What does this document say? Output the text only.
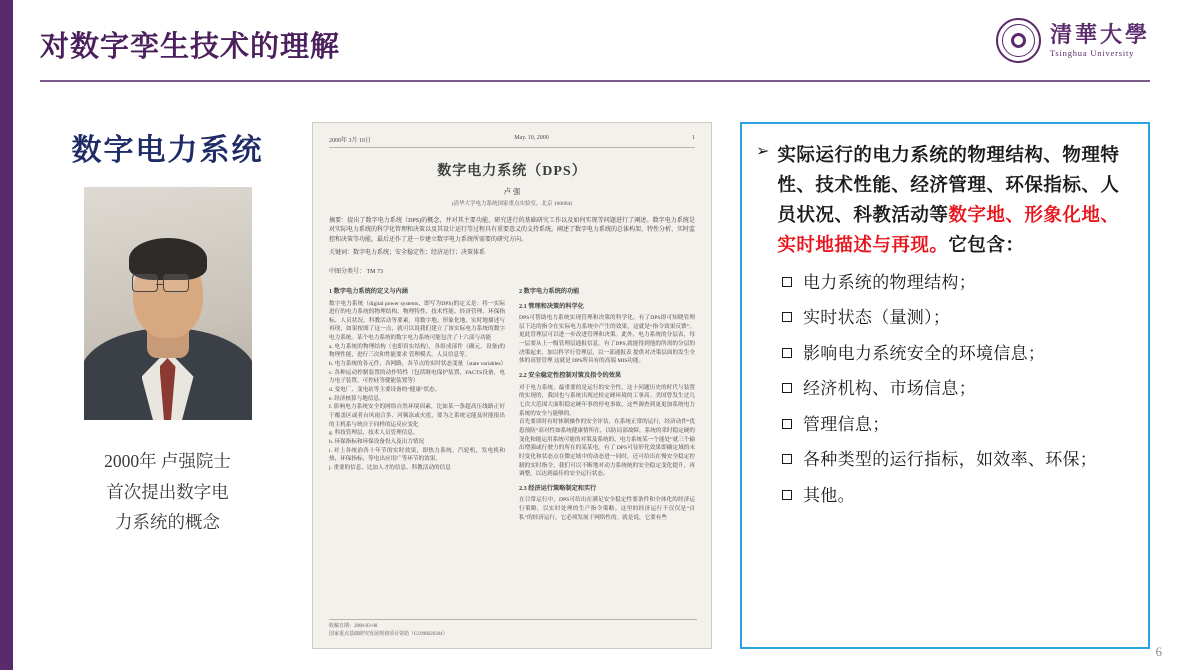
对数字孪生技术的理解	清華大學
Tsinghua University
数字电力系统
2000年 卢强院士
首次提出数字电
力系统的概念
2000年 3月 10日	May. 10, 2000	1
数字电力系统（DPS）
卢 强
(清华大学电力系统国家重点实验室，北京 100084)
摘要：提出了数字电力系统（DPS)的概念，并对其主要功能、研究进行的基础研究工作以及如何实现等问题进行了阐述。数字电力系统是对实际电力系统的科学化管理和决策以及其设计运行等过程具有重要意义的支持系统。阐述了数字电力系统的总体构架、特性分析、实时监控和决策等功能，最后还作了进一步建立数字电力系统所需要的研究方向。
关键词：数字电力系统；安全稳定性；经济运行；决策体系
中图分类号： TM 73
1 数字电力系统的定义与内涵
数字电力系统（digital power systems，即写为DPS)的定义是：将一实际进行的电力系统的物理结构、物理特性、技术性能、经济管理、环保指标、人员状况、科教活动等要素，用数字地、形象化地、实时地描述与再现，如果按图了这一点，就可以说我们建立了该实际电力系统的数字电力系统。某个电力系统的数字电力系统可能包含了十六部与功能
a. 电力系统的物理结构（也即真实结构），各组成部件（确元，设备)的物理性能，进行三次和性能要求 管理模式，人员信息等。
b. 电力系统的各元件，各网路，各节点的实时状态变量（state variables）
c. 各种运动控制装置的动作特性（包括继电保护装置，FACTS设备，电力电子装置，可控硅等健能装置等）
d. 变电厂、变电站等主要设备的“健康”状态。
e. 经济核算与地信息。
f. 影响电力系统安全的网络自然环境因素，比如某一条超高压线路正好于覆盖区或者台风雨合多、河频冻或火雹，要为之系统完能及时能报出的主机系与统自于同样的运反应变化
g. 科技管理层，技术人员管理信息。
h. 环保指标和环保设备投入及出力情况
i. 对上各统治各十年节的实时效果，即热力系统、汽轮机，发电机和热，环保指标，等电出应用广等环节的效果。
j. 重要的信息、比加人才的信息、科教活动的信息
2 数字电力系统的功能
2.1 管理和决策的科学化
DPS可帮助电力系统实现管理和决策的科学化。有了DPS即可知晓管理层下达的指令在实际电力系统中产生的效果，这就是“指令效果反馈”。更此管理层可以进一步改进管理和决策。此外，电力系统的分层表，每一层要从上一级管理层通报信息。有了DPS,就能得到他的所需的分层的决策起来，加以科学行管理层，以一部通报表 提供对决策层面的发生全体的高智管理 这就是 DPS所具有的高端 MIS功能。
2.2 安全稳定性控制对策及指令的效果
对于电力系统，最重要的是运行的安全性。这十问题历史的时代与装置的实现的，我国也与系统出现过检定硬环境的工事高。美国曾发生过几七次大范围大面积稳定硬年事的停电事故，这些调查到更更加系统电力系统的安全与能够的。
首先要谈时有时体制操作的安全评估，在系统正常的运行，经济动作“优患预防”高对性如系统健康情所在，以防局部故障，系统的采时稳定硬的变化和能运用系统可能的对策及系统的、电力系统某一个能处”就三个输出增强或行驶力的所在的某某电。有了 DPS可显形化效果即确定域的未时变化和状态点在微定域中的动态进一同时，还可给出在慢安全稳定控制的实时指令，我们可以不断地对动力系统统的安全稳定变化提升，再调整，以达到最佳的安全运行状态。
2.3 经济运行策略制定和实行
在日常运行中，DPS可给出在满足安全稳定性要条件和全体化的经济运行策略，以实时处理的生产指令策略。这里的经济运行不仅仅是“自私”的经济运行，它必须发展于网络性的。就是说，它要有些
收稿日期：2000-03-08
国家重点基础研究发展规划项目资助（G1998020304）
➢ 实际运行的电力系统的物理结构、物理特性、技术性能、经济管理、环保指标、人员状况、科教活动等数字地、形象化地、实时地描述与再现。它包含：
电力系统的物理结构；
实时状态（量测）；
影响电力系统安全的环境信息；
经济机构、市场信息；
管理信息；
各种类型的运行指标，如效率、环保；
其他。
6
